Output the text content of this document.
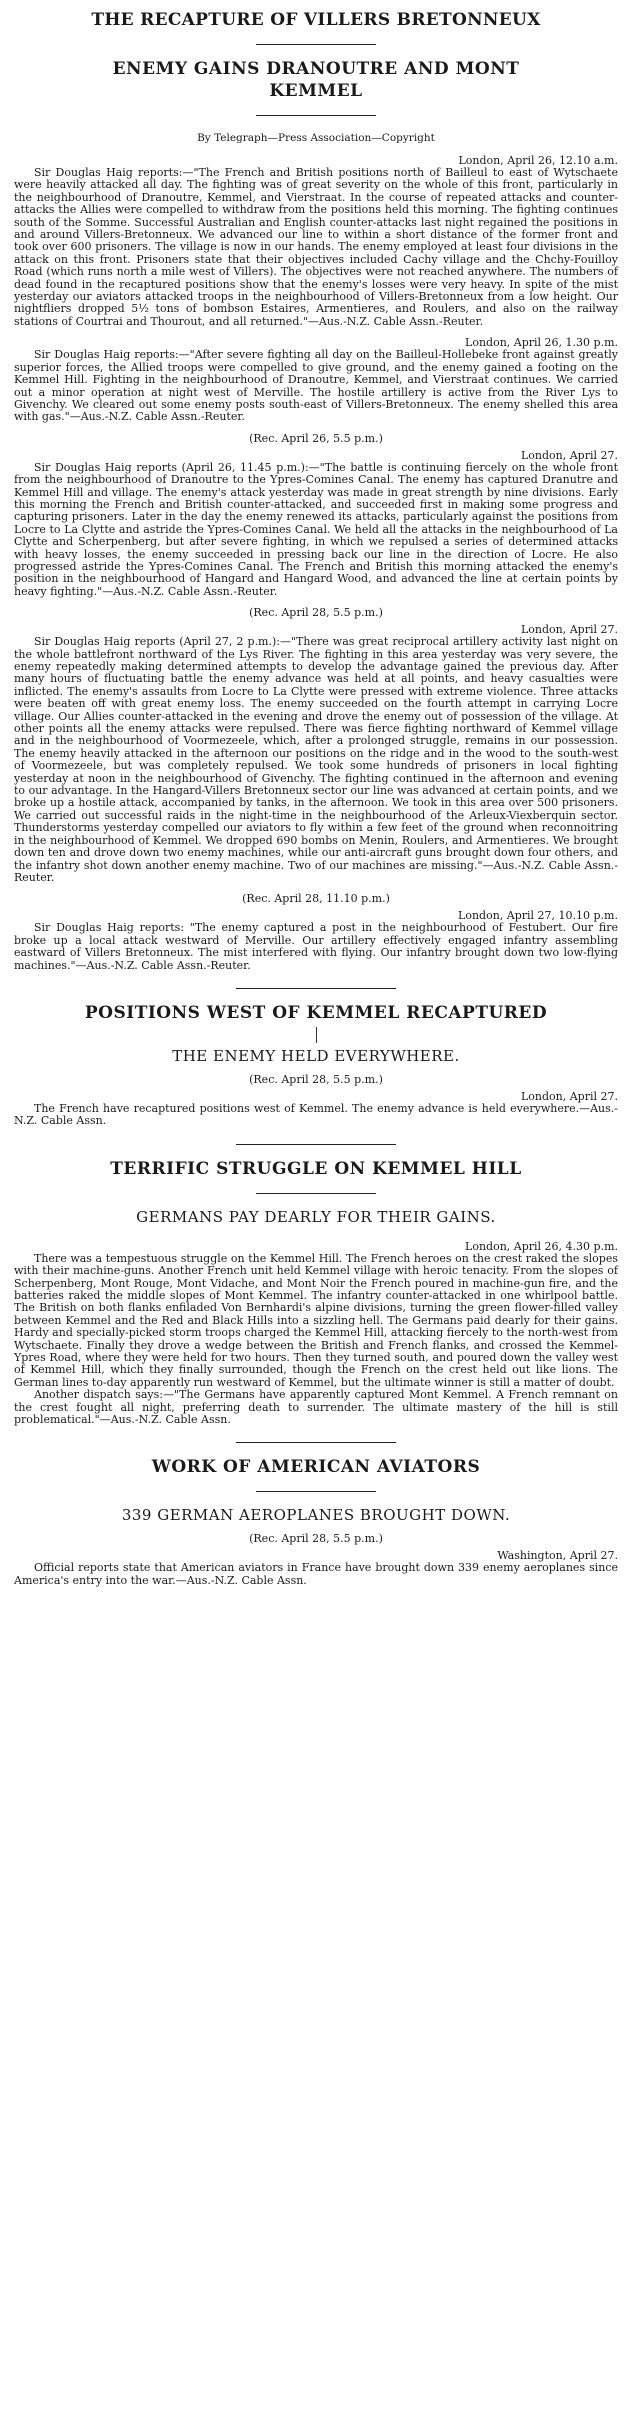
THE RECAPTURE OF VILLERS BRETONNEUX
ENEMY GAINS DRANOUTRE AND MONT
KEMMEL
By Telegraph—Press Association—Copyright
London, April 26, 12.10 a.m.

Sir Douglas Haig reports:—"The French and British positions north of Bailleul to east of Wytschaete were heavily attacked all day. The fighting was of great severity on the whole of this front, particularly in the neighbourhood of Dranoutre, Kemmel, and Vierstraat. In the course of repeated attacks and counter-attacks the Allies were compelled to withdraw from the positions held this morning. The fighting continues south of the Somme. Successful Australian and English counter-attacks last night regained the positions in and around Villers-Bretonneux. We advanced our line to within a short distance of the former front and took over 600 prisoners. The village is now in our hands. The enemy employed at least four divisions in the attack on this front. Prisoners state that their objectives included Cachy village and the Chchy-Fouilloy Road (which runs north a mile west of Villers). The objectives were not reached anywhere. The numbers of dead found in the recaptured positions show that the enemy's losses were very heavy. In spite of the mist yesterday our aviators attacked troops in the neighbourhood of Villers-Bretonneux from a low height. Our nightfliers dropped 5½ tons of bombson Estaires, Armentieres, and Roulers, and also on the railway stations of Courtrai and Thourout, and all returned."—Aus.-N.Z. Cable Assn.-Reuter.

London, April 26, 1.30 p.m.

Sir Douglas Haig reports:—"After severe fighting all day on the Bailleul-Hollebeke front against greatly superior forces, the Allied troops were compelled to give ground, and the enemy gained a footing on the Kemmel Hill. Fighting in the neighbourhood of Dranoutre, Kemmel, and Vierstraat continues. We carried out a minor operation at night west of Merville. The hostile artillery is active from the River Lys to Givenchy. We cleared out some enemy posts south-east of Villers-Bretonneux. The enemy shelled this area with gas."—Aus.-N.Z. Cable Assn.-Reuter.

(Rec. April 26, 5.5 p.m.)
London, April 27.

Sir Douglas Haig reports (April 26, 11.45 p.m.):—"The battle is continuing fiercely on the whole front from the neighbourhood of Dranoutre to the Ypres-Comines Canal. The enemy has captured Dranutre and Kemmel Hill and village. The enemy's attack yesterday was made in great strength by nine divisions. Early this morning the French and British counter-attacked, and succeeded first in making some progress and capturing prisoners. Later in the day the enemy renewed its attacks, particularly against the positions from Locre to La Clytte and astride the Ypres-Comines Canal. We held all the attacks in the neighbourhood of La Clytte and Scherpenberg, but after severe fighting, in which we repulsed a series of determined attacks with heavy losses, the enemy succeeded in pressing back our line in the direction of Locre. He also progressed astride the Ypres-Comines Canal. The French and British this morning attacked the enemy's position in the neighbourhood of Hangard and Hangard Wood, and advanced the line at certain points by heavy fighting."—Aus.-N.Z. Cable Assn.-Reuter.

(Rec. April 28, 5.5 p.m.)
London, April 27.

Sir Douglas Haig reports (April 27, 2 p.m.):—"There was great reciprocal artillery activity last night on the whole battlefront northward of the Lys River. The fighting in this area yesterday was very severe, the enemy repeatedly making determined attempts to develop the advantage gained the previous day. After many hours of fluctuating battle the enemy advance was held at all points, and heavy casualties were inflicted. The enemy's assaults from Locre to La Clytte were pressed with extreme violence. Three attacks were beaten off with great enemy loss. The enemy succeeded on the fourth attempt in carrying Locre village. Our Allies counter-attacked in the evening and drove the enemy out of possession of the village. At other points all the enemy attacks were repulsed. There was fierce fighting northward of Kemmel village and in the neighbourhood of Voormezeele, which, after a prolonged struggle, remains in our possession. The enemy heavily attacked in the afternoon our positions on the ridge and in the wood to the south-west of Voormezeele, but was completely repulsed. We took some hundreds of prisoners in local fighting yesterday at noon in the neighbourhood of Givenchy. The fighting continued in the afternoon and evening to our advantage. In the Hangard-Villers Bretonneux sector our line was advanced at certain points, and we broke up a hostile attack, accompanied by tanks, in the afternoon. We took in this area over 500 prisoners. We carried out successful raids in the night-time in the neighbourhood of the Arleux-Viexberquin sector. Thunderstorms yesterday compelled our aviators to fly within a few feet of the ground when reconnoitring in the neighbourhood of Kemmel. We dropped 690 bombs on Menin, Roulers, and Armentieres. We brought down ten and drove down two enemy machines, while our anti-aircraft guns brought down four others, and the infantry shot down another enemy machine. Two of our machines are missing."—Aus.-N.Z. Cable Assn.-Reuter.

(Rec. April 28, 11.10 p.m.)
London, April 27, 10.10 p.m.

Sir Douglas Haig reports: "The enemy captured a post in the neighbourhood of Festubert. Our fire broke up a local attack westward of Merville. Our artillery effectively engaged infantry assembling eastward of Villers Bretonneux. The mist interfered with flying. Our infantry brought down two low-flying machines."—Aus.-N.Z. Cable Assn.-Reuter.

POSITIONS WEST OF KEMMEL RECAPTURED
THE ENEMY HELD EVERYWHERE.
(Rec. April 28, 5.5 p.m.)
London, April 27.

The French have recaptured positions west of Kemmel. The enemy advance is held everywhere.—Aus.-N.Z. Cable Assn.

TERRIFIC STRUGGLE ON KEMMEL HILL
GERMANS PAY DEARLY FOR THEIR GAINS.
London, April 26, 4.30 p.m.

There was a tempestuous struggle on the Kemmel Hill. The French heroes on the crest raked the slopes with their machine-guns. Another French unit held Kemmel village with heroic tenacity. From the slopes of Scherpenberg, Mont Rouge, Mont Vidache, and Mont Noir the French poured in machine-gun fire, and the batteries raked the middle slopes of Mont Kemmel. The infantry counter-attacked in one whirlpool battle. The British on both flanks enfiladed Von Bernhardi's alpine divisions, turning the green flower-filled valley between Kemmel and the Red and Black Hills into a sizzling hell. The Germans paid dearly for their gains. Hardy and specially-picked storm troops charged the Kemmel Hill, attacking fiercely to the north-west from Wytschaete. Finally they drove a wedge between the British and French flanks, and crossed the Kemmel-Ypres Road, where they were held for two hours. Then they turned south, and poured down the valley west of Kemmel Hill, which they finally surrounded, though the French on the crest held out like lions. The German lines to-day apparently run westward of Kemmel, but the ultimate winner is still a matter of doubt.

Another dispatch says:—"The Germans have apparently captured Mont Kemmel. A French remnant on the crest fought all night, preferring death to surrender. The ultimate mastery of the hill is still problematical."—Aus.-N.Z. Cable Assn.

WORK OF AMERICAN AVIATORS
339 GERMAN AEROPLANES BROUGHT DOWN.
(Rec. April 28, 5.5 p.m.)
Washington, April 27.

Official reports state that American aviators in France have brought down 339 enemy aeroplanes since America's entry into the war.—Aus.-N.Z. Cable Assn.
